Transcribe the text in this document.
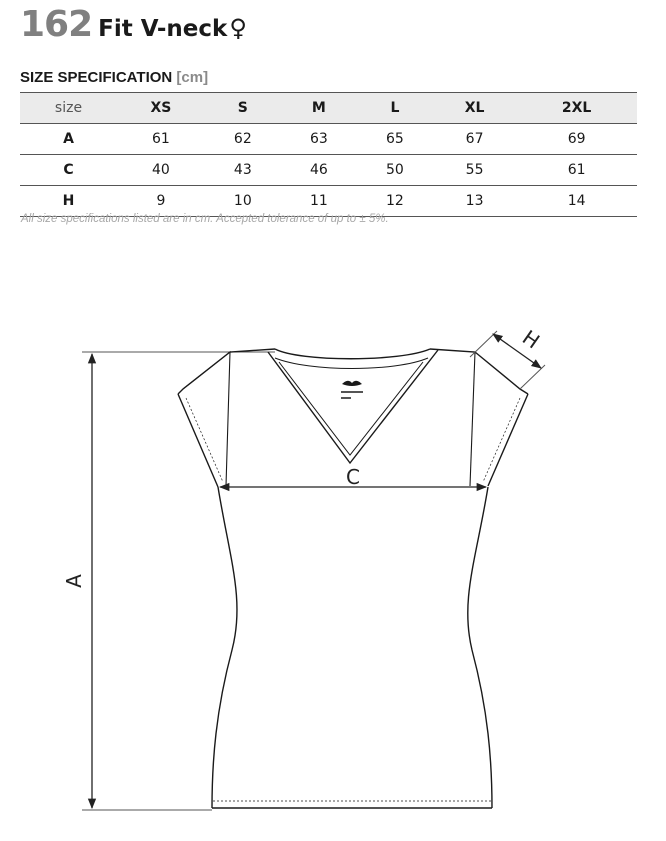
162 Fit V-neck♀
SIZE SPECIFICATION [cm]
size	XS	S	M	L	XL	2XL
A	61	62	63	65	67	69
C	40	43	46	50	55	61
H	9	10	11	12	13	14
All size specifications listed are in cm. Accepted tolerance of up to ± 5%.
A
C
H
